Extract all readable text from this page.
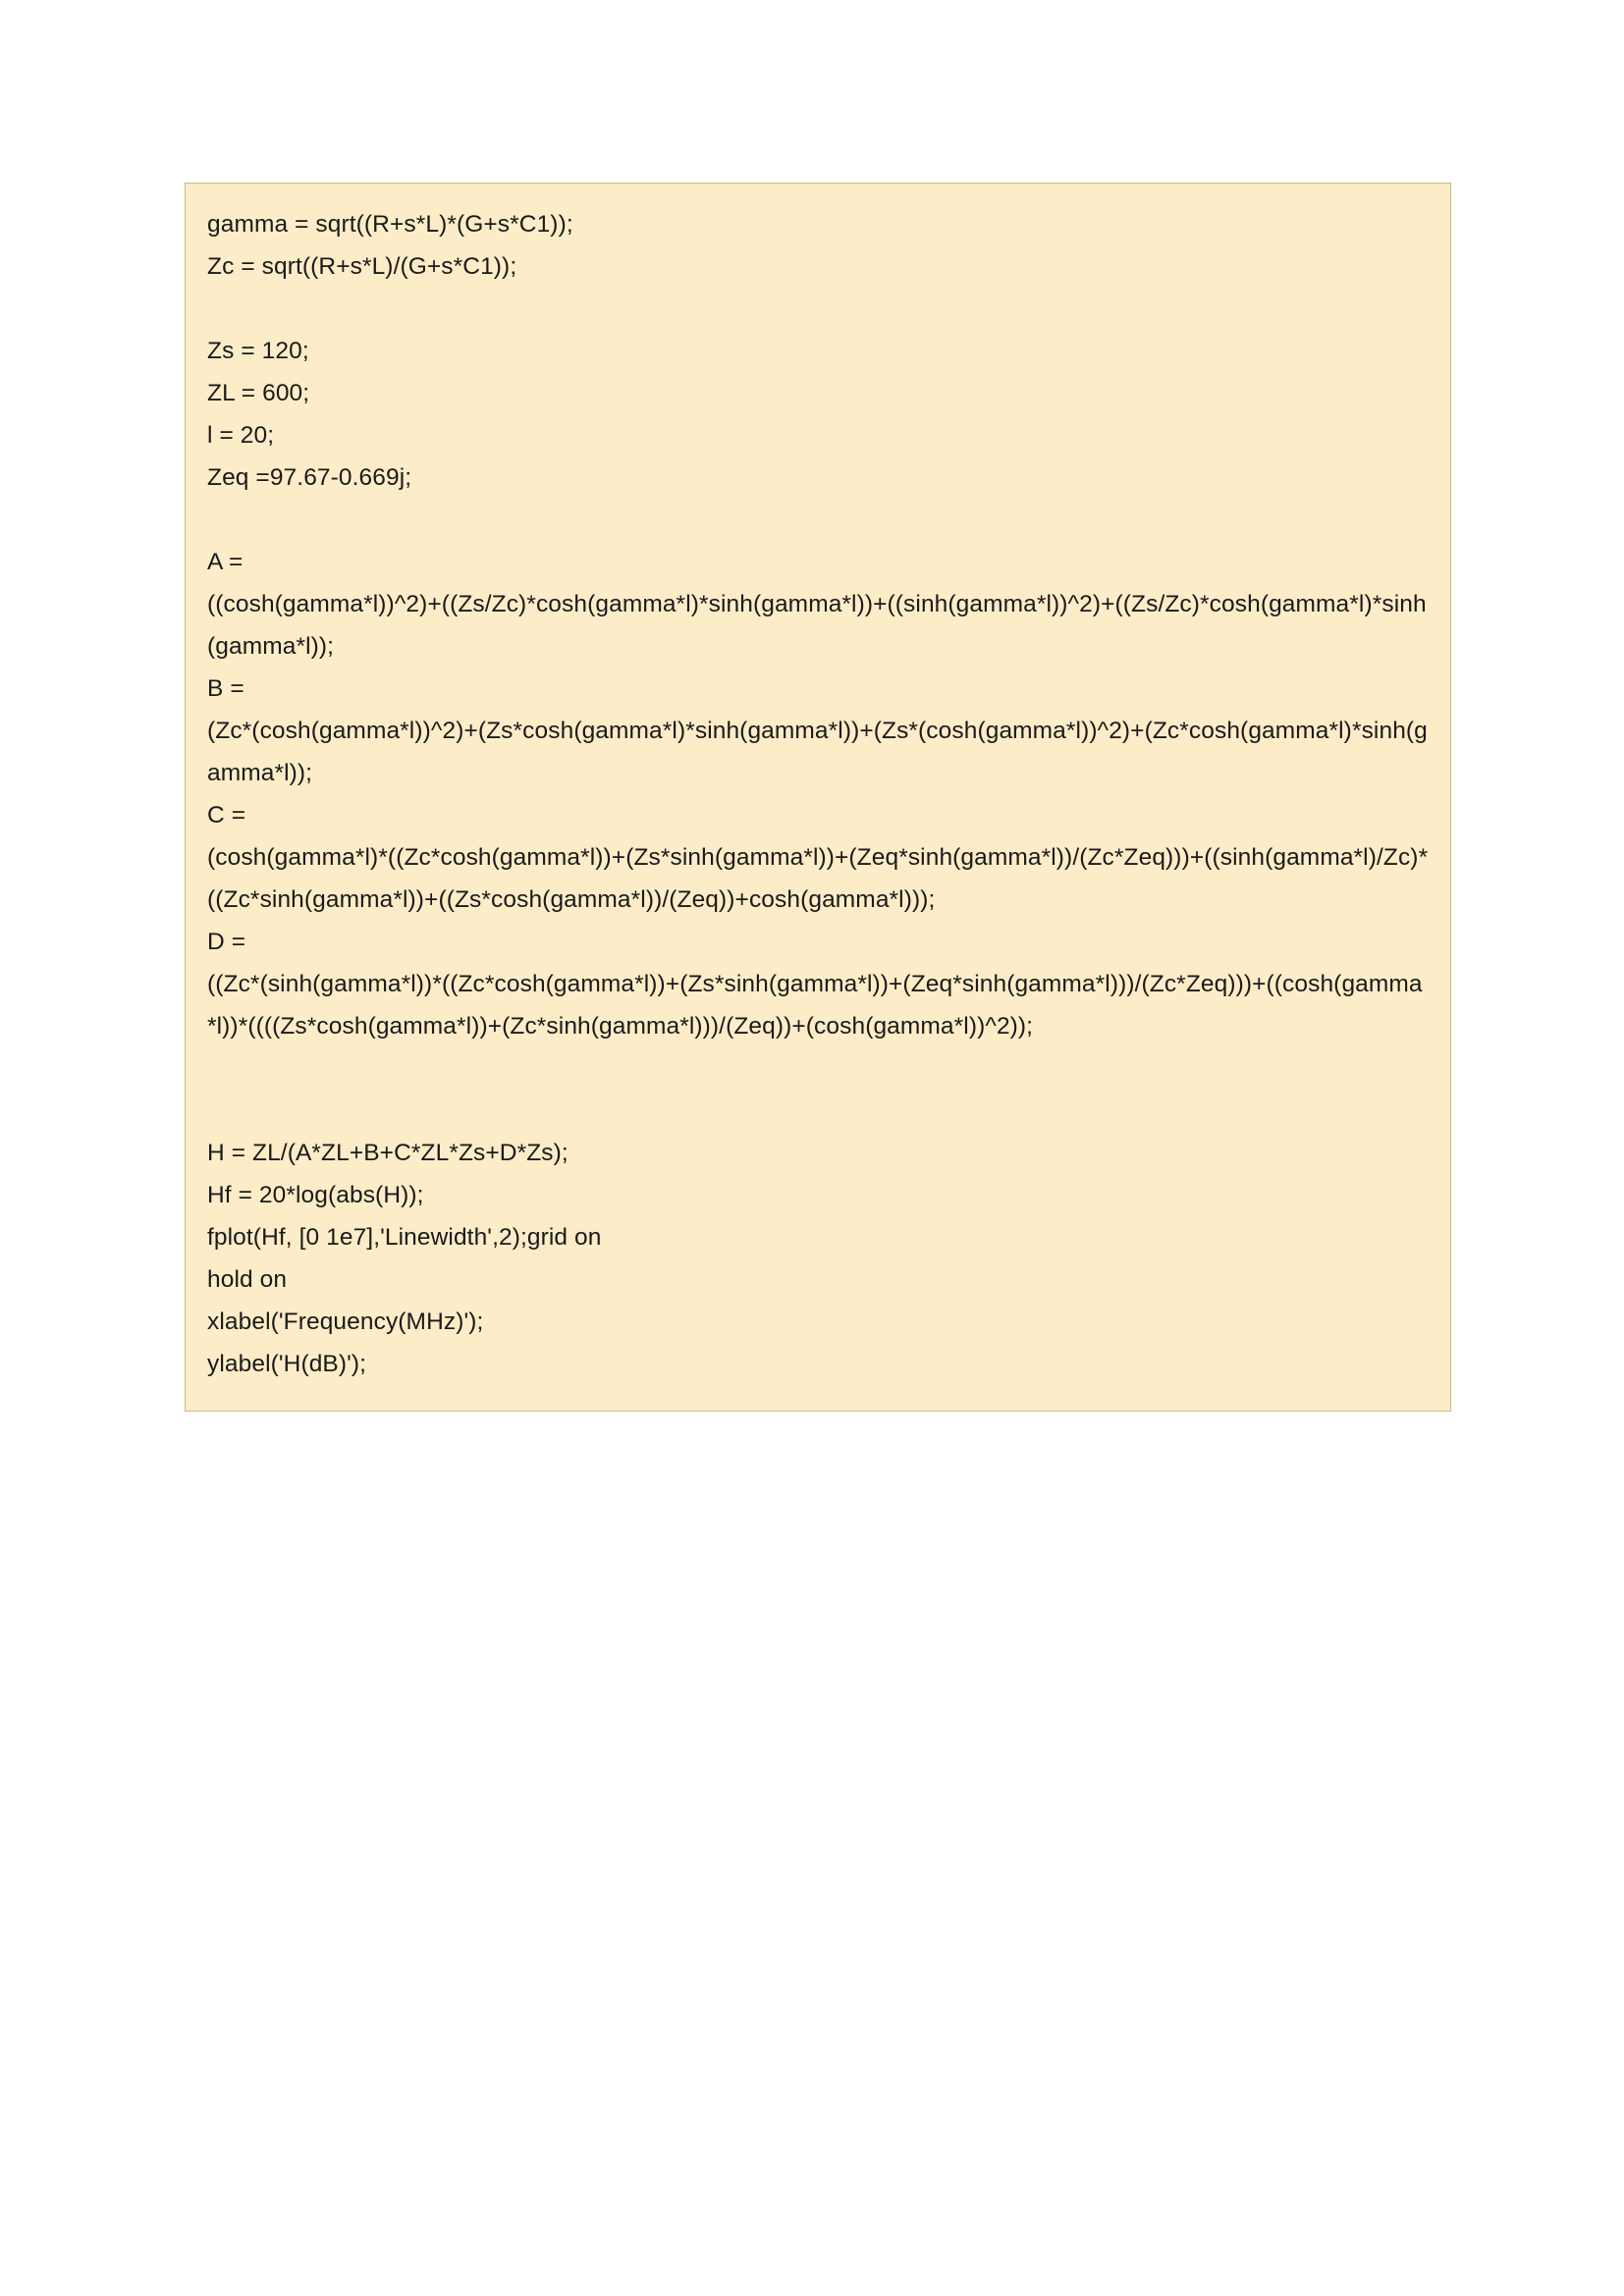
gamma = sqrt((R+s*L)*(G+s*C1));
Zc = sqrt((R+s*L)/(G+s*C1));
Zs = 120;
ZL = 600;
l = 20;
Zeq =97.67-0.669j;
A =
((cosh(gamma*l))^2)+((Zs/Zc)*cosh(gamma*l)*sinh(gamma*l))+((sinh(gamma*l))^2)+((Zs/Zc)*cosh(gamma*l)*sinh(gamma*l));
B =
(Zc*(cosh(gamma*l))^2)+(Zs*cosh(gamma*l)*sinh(gamma*l))+(Zs*(cosh(gamma*l))^2)+(Zc*cosh(gamma*l)*sinh(gamma*l));
C =
(cosh(gamma*l)*((Zc*cosh(gamma*l))+(Zs*sinh(gamma*l))+(Zeq*sinh(gamma*l))/(Zc*Zeq)))+((sinh(gamma*l)/Zc)*((Zc*sinh(gamma*l))+((Zs*cosh(gamma*l))/(Zeq))+cosh(gamma*l)));
D =
((Zc*(sinh(gamma*l))*((Zc*cosh(gamma*l))+(Zs*sinh(gamma*l))+(Zeq*sinh(gamma*l)))/(Zc*Zeq)))+((cosh(gamma*l))*((((Zs*cosh(gamma*l))+(Zc*sinh(gamma*l)))/(Zeq))+(cosh(gamma*l))^2));
H = ZL/(A*ZL+B+C*ZL*Zs+D*Zs);
Hf = 20*log(abs(H));
fplot(Hf, [0 1e7],'Linewidth',2);grid on
hold on
xlabel('Frequency(MHz)');
ylabel('H(dB)');
